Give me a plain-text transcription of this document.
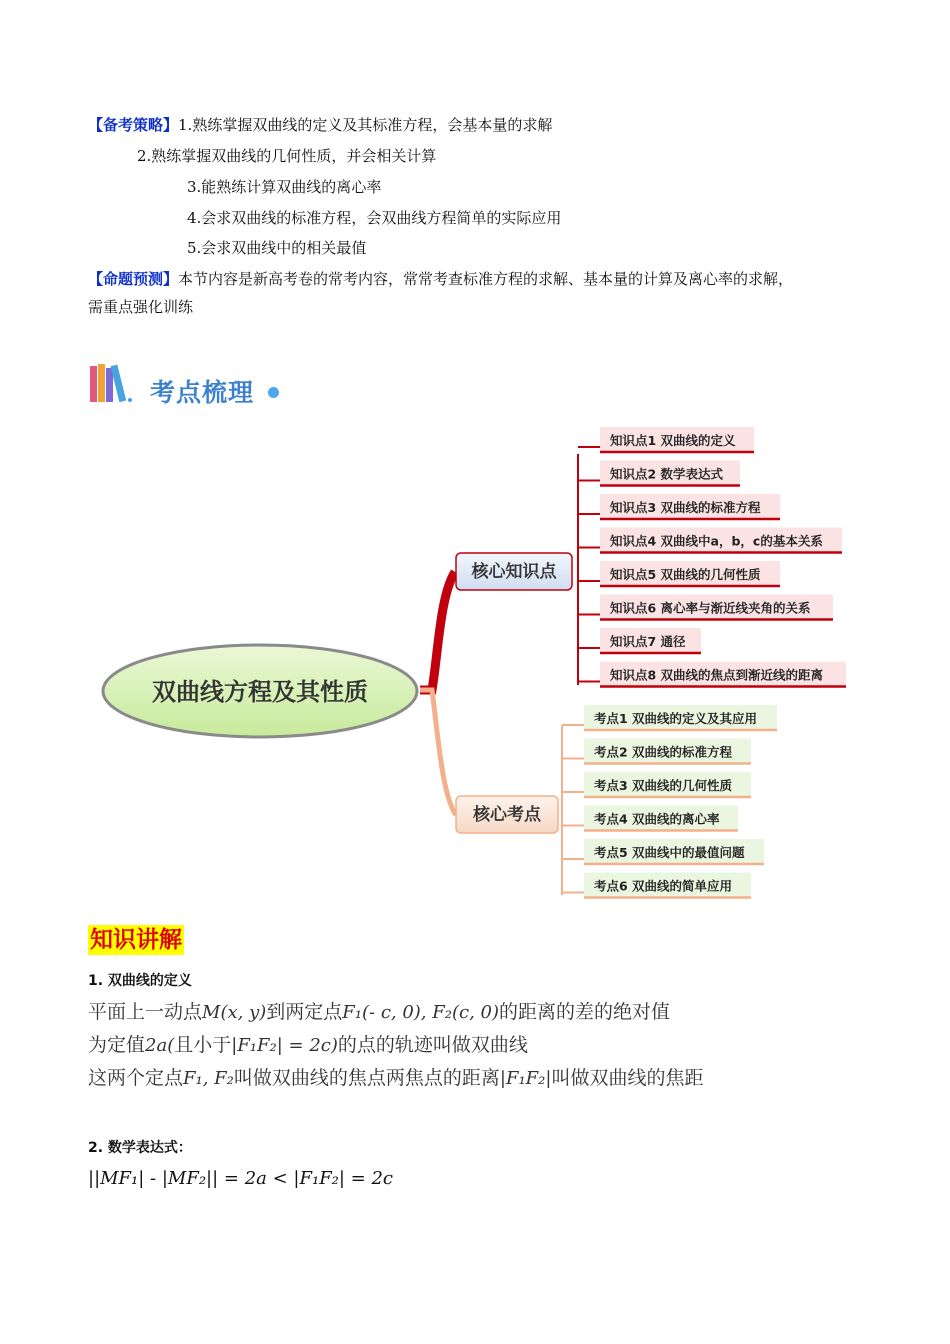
【备考策略】1.熟练掌握双曲线的定义及其标准方程，会基本量的求解
2.熟练掌握双曲线的几何性质，并会相关计算
3.能熟练计算双曲线的离心率
4.会求双曲线的标准方程，会双曲线方程简单的实际应用
5.会求双曲线中的相关最值
【命题预测】本节内容是新高考卷的常考内容，常常考查标准方程的求解、基本量的计算及离心率的求解，
需重点强化训练
考点梳理
双曲线方程及其性质
核心知识点
知识点1 双曲线的定义
知识点2 数学表达式
知识点3 双曲线的标准方程
知识点4 双曲线中a，b，c的基本关系
知识点5 双曲线的几何性质
知识点6 离心率与渐近线夹角的关系
知识点7 通径
知识点8 双曲线的焦点到渐近线的距离
核心考点
考点1 双曲线的定义及其应用
考点2 双曲线的标准方程
考点3 双曲线的几何性质
考点4 双曲线的离心率
考点5 双曲线中的最值问题
考点6 双曲线的简单应用
知识讲解
1. 双曲线的定义
平面上一动点M(x, y)到两定点F₁(- c, 0), F₂(c, 0)的距离的差的绝对值
为定值2a(且小于|F₁F₂| = 2c)的点的轨迹叫做双曲线
这两个定点F₁, F₂叫做双曲线的焦点两焦点的距离|F₁F₂|叫做双曲线的焦距
2. 数学表达式：
||MF₁| - |MF₂|| = 2a < |F₁F₂| = 2c
